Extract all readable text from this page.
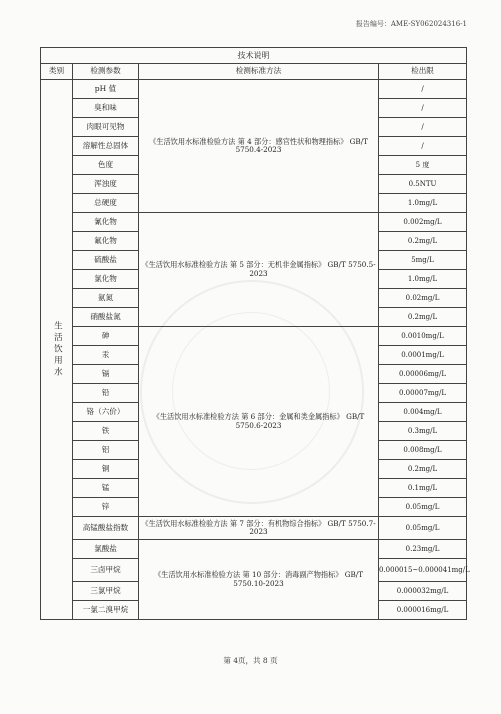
报告编号：AME-SY062024316-1
技术说明			
类别	检测参数	检测标准方法	检出限

生活饮用水	pH 值	《生活饮用水标准检验方法 第 4 部分：感官性状和物理指标》 GB/T 5750.4-2023	/
	臭和味		/
	肉眼可见物		/
	溶解性总固体		/
	色度		5 度
	浑浊度		0.5NTU
	总硬度		1.0mg/L
	氰化物	《生活饮用水标准检验方法 第 5 部分：无机非金属指标》 GB/T 5750.5-2023	0.002mg/L
	氟化物		0.2mg/L
	硫酸盐		5mg/L
	氯化物		1.0mg/L
	氨氮		0.02mg/L
	硝酸盐氮		0.2mg/L
	砷	《生活饮用水标准检验方法 第 6 部分：金属和类金属指标》 GB/T 5750.6-2023	0.0010mg/L
	汞		0.0001mg/L
	镉		0.00006mg/L
	铅		0.00007mg/L
	铬（六价）		0.004mg/L
	铁		0.3mg/L
	铝		0.008mg/L
	铜		0.2mg/L
	锰		0.1mg/L
	锌		0.05mg/L
	高锰酸盐指数	《生活饮用水标准检验方法 第 7 部分：有机物综合指标》 GB/T 5750.7-2023	0.05mg/L
	氯酸盐	《生活饮用水标准检验方法 第 10 部分：消毒副产物指标》 GB/T 5750.10-2023	0.23mg/L
	三卤甲烷		0.000015~0.000041mg/L
	三氯甲烷		0.000032mg/L
	一氯二溴甲烷		0.000016mg/L
第 4页，共 8 页
